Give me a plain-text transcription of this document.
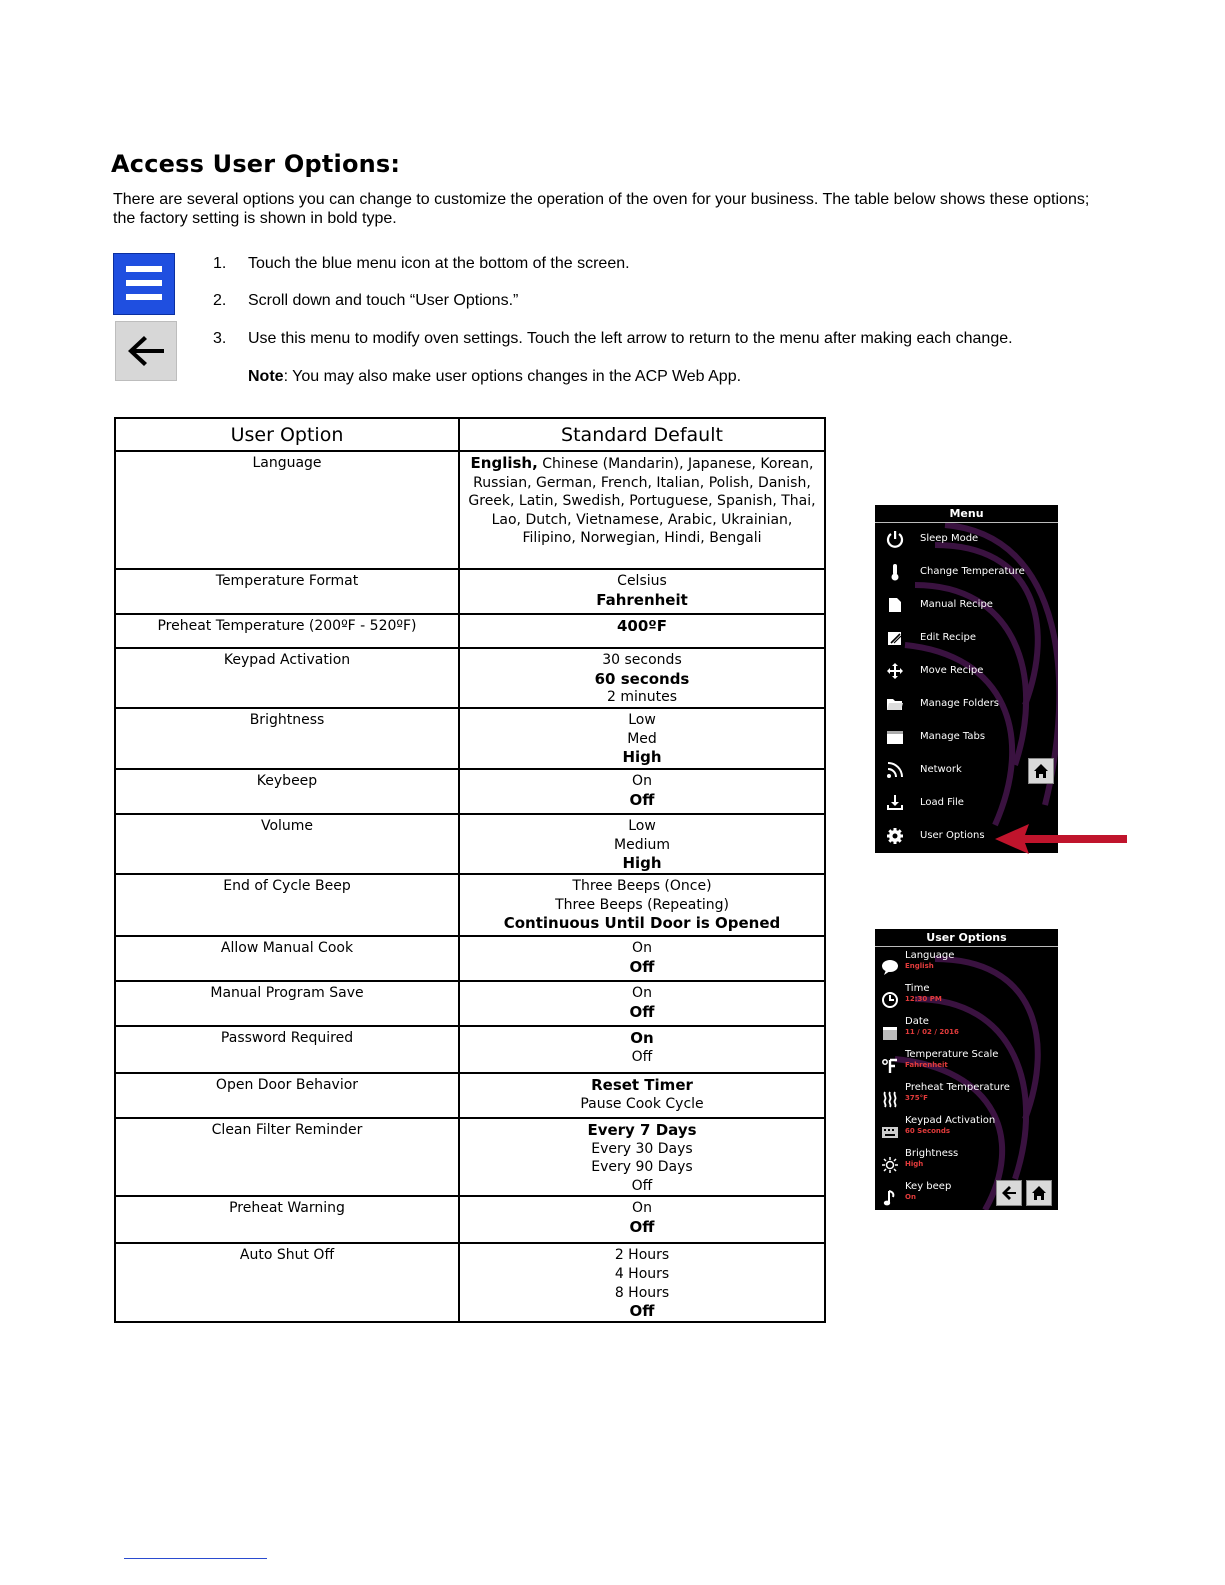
Access User Options:

There are several options you can change to customize the operation of the oven for your business. The table below shows these options; the factory setting is shown in bold type.

1. Touch the blue menu icon at the bottom of the screen.
2. Scroll down and touch “User Options.”
3. Use this menu to modify oven settings. Touch the left arrow to return to the menu after making each change.
Note: You may also make user options changes in the ACP Web App.
User Option	Standard Default
Language	English, Chinese (Mandarin), Japanese, Korean, Russian, German, French, Italian, Polish, Danish, Greek, Latin, Swedish, Portuguese, Spanish, Thai, Lao, Dutch, Vietnamese, Arabic, Ukrainian, Filipino, Norwegian, Hindi, Bengali
Temperature Format	Celsius
Fahrenheit

Preheat Temperature (200ºF - 520ºF)	400ºF

Keypad Activation	30 seconds
60 seconds
2 minutes

Brightness	Low
Med
High

Keybeep	On
Off

Volume	Low
Medium
High

End of Cycle Beep	Three Beeps (Once)
Three Beeps (Repeating)
Continuous Until Door is Opened

Allow Manual Cook	On
Off

Manual Program Save	On
Off

Password Required	On
Off

Open Door Behavior	Reset Timer
Pause Cook Cycle

Clean Filter Reminder	Every 7 Days
Every 30 Days
Every 90 Days
Off

Preheat Warning	On
Off

Auto Shut Off	2 Hours
4 Hours
8 Hours
Off
Menu
Sleep Mode
Change Temperature
Manual Recipe
Edit Recipe
Move Recipe
Manage Folders
Manage Tabs
Network
Load File
User Options
User Options
Language
English
Time
12:30 PM
Date
11 / 02 / 2016
Temperature Scale
Fahrenheit
Preheat Temperature
375°F
Keypad Activation
60 Seconds
Brightness
High
Key beep
On
